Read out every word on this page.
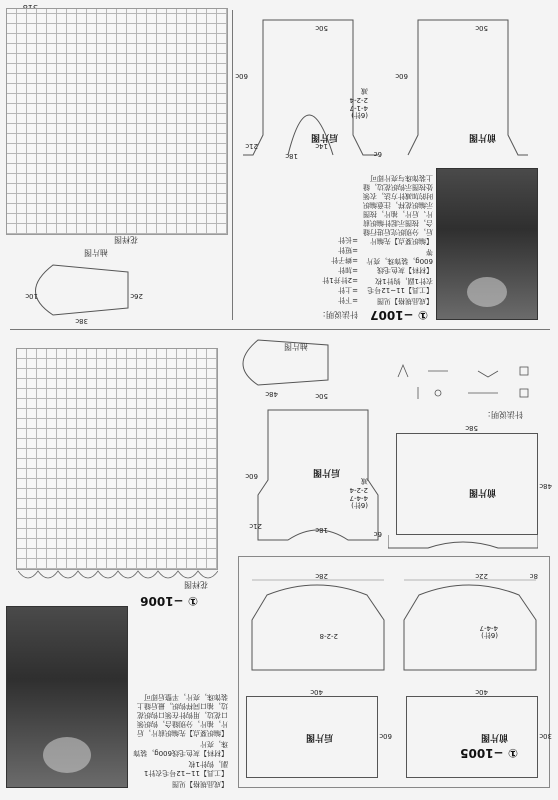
前片图
① −1005
40c
30c
后片图
40c
60c
22c
28c	8c
(6针)
4-4-7
2-2-8
① −1006

【成品规格】见图

【工具】11~12号毛衣针1副，钩针1枚

【材料】灰色毛线600g，装饰珠，亮片

【编织要点】先编织前片，后片，袖片，分别缝合，钩织领口花边，用钩针在领口钩织花边，袖口同样钩织，最后缝上装饰珠，亮片，平整后即可

花样图
前片图
58c
48c
后片图
50c
60c
18c
21c
6c
(6针)
4-4-7
2-2-4
减
针法说明：
袖片图
48c
① −1007
针法说明：
=下针
=上针
=2针并1针
=加针
=辫子针
=短针
=长针

【成品规格】见图

【工具】11~12号毛衣针1副，钩针1枚

【材料】灰色毛线600g，装饰珠，亮片等

【编织要点】先编片后，分别织完后进行缝合，按图示起针编织前片、后片，袖片，按图示编织花样，注意编织时的加减针方法，衣领处按图示钩织花边，缝上装饰珠与亮片即可

袖片图
38c
26c
10c
花样图
前片图
50c
60c
后片图
50c
60c
14c
21c
18c	6c
(6针)
4-1-7
2-2-4
减
